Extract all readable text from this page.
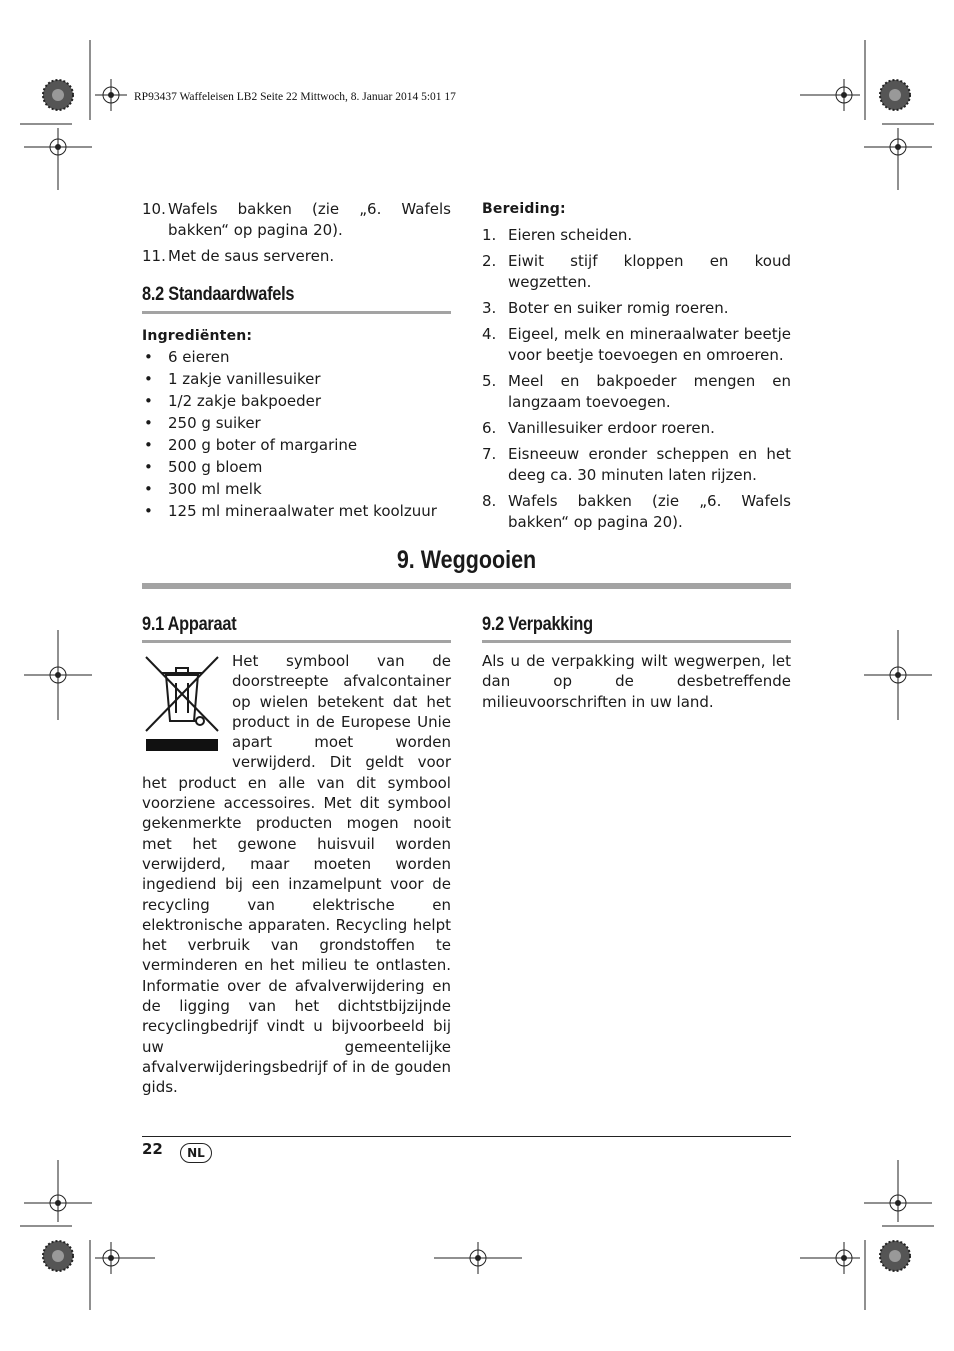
RP93437 Waffeleisen LB2 Seite 22 Mittwoch, 8. Januar 2014 5:01 17
10. Wafels bakken (zie „6. Wafels bakken“ op pagina 20).
11. Met de saus serveren.
8.2 Standaardwafels
Ingrediënten:
• 6 eieren
• 1 zakje vanillesuiker
• 1/2 zakje bakpoeder
• 250 g suiker
• 200 g boter of margarine
• 500 g bloem
• 300 ml melk
• 125 ml mineraalwater met koolzuur
Bereiding:
1. Eieren scheiden.
2. Eiwit stijf kloppen en koud wegzetten.
3. Boter en suiker romig roeren.
4. Eigeel, melk en mineraalwater beetje voor beetje toevoegen en omroeren.
5. Meel en bakpoeder mengen en langzaam toevoegen.
6. Vanillesuiker erdoor roeren.
7. Eisneeuw eronder scheppen en het deeg ca. 30 minuten laten rijzen.
8. Wafels bakken (zie „6. Wafels bakken“ op pagina 20).
9. Weggooien
9.1 Apparaat
Het symbool van de doorstreepte afvalcontainer op wielen betekent dat het product in de Europese Unie apart moet worden verwijderd. Dit geldt voor het product en alle van dit symbool voorziene accessoires. Met dit symbool gekenmerkte producten mogen nooit met het gewone huisvuil worden verwijderd, maar moeten worden ingediend bij een inzamelpunt voor de recycling van elektrische en elektronische apparaten. Recycling helpt het verbruik van grondstoffen te verminderen en het milieu te ontlasten. Informatie over de afvalverwijdering en de ligging van het dichtstbijzijnde recyclingbedrijf vindt u bijvoorbeeld bij uw gemeentelijke afvalverwijderingsbedrijf of in de gouden gids.
9.2 Verpakking
Als u de verpakking wilt wegwerpen, let dan op de desbetreffende milieuvoorschriften in uw land.
22	NL
